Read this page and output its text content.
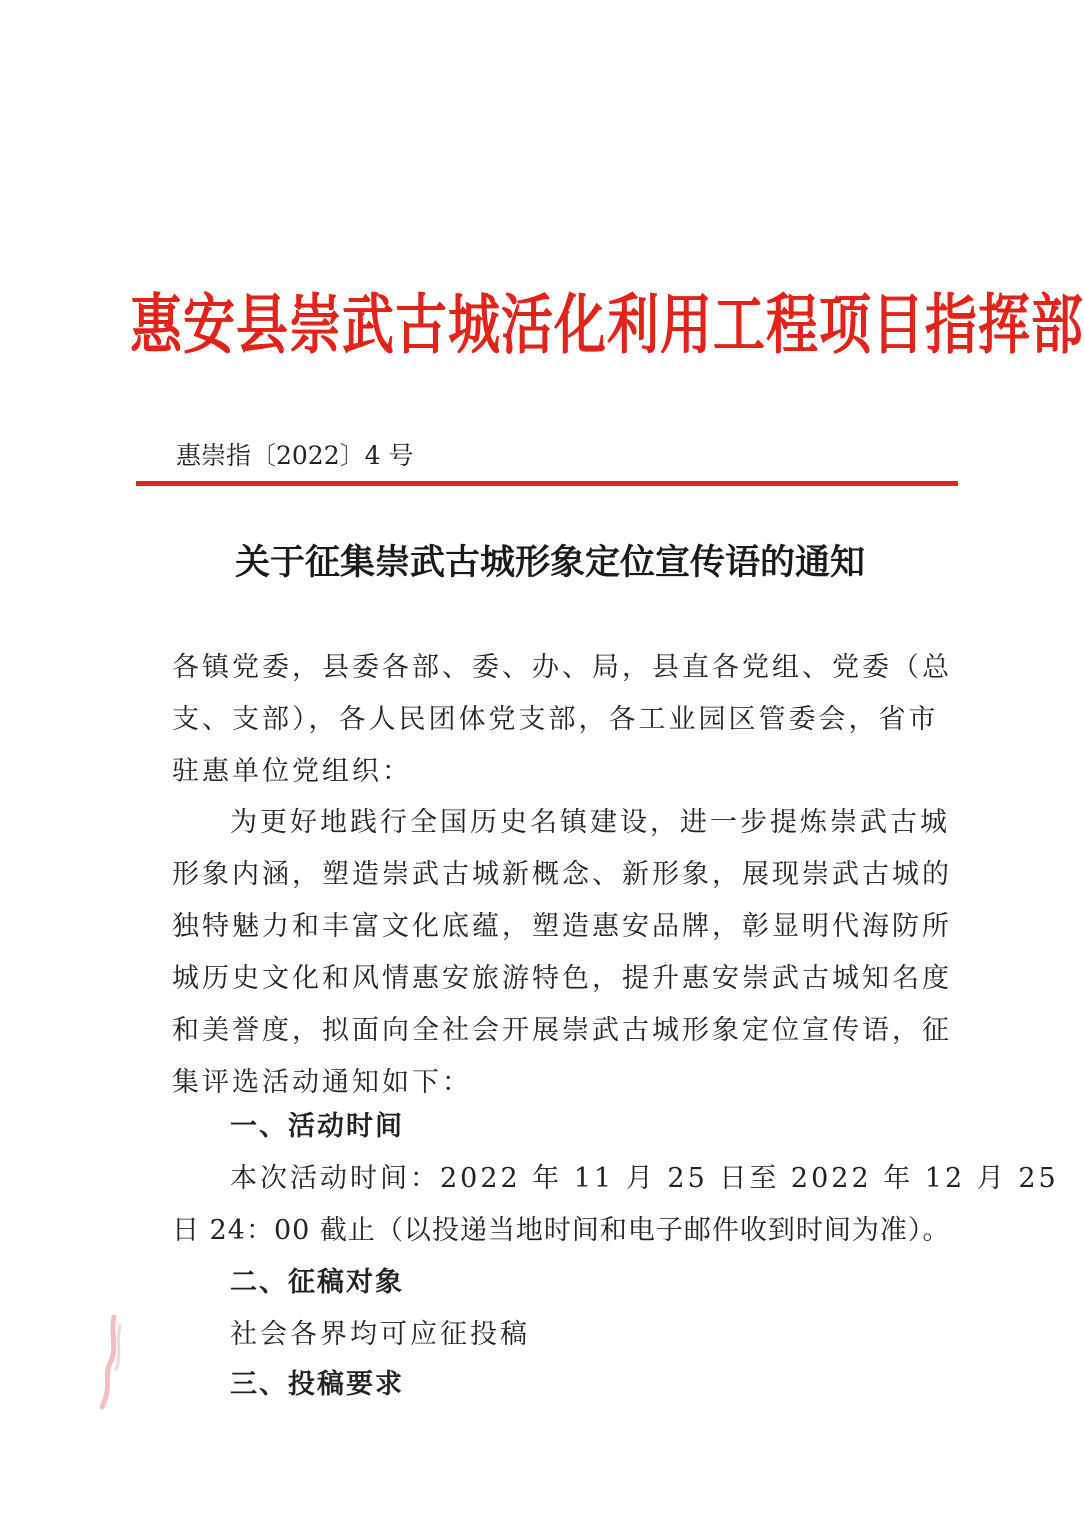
惠安县崇武古城活化利用工程项目指挥部
惠崇指〔2022〕4 号
关于征集崇武古城形象定位宣传语的通知
各镇党委，县委各部、委、办、局，县直各党组、党委（总
支、支部），各人民团体党支部，各工业园区管委会，省市
驻惠单位党组织：
为更好地践行全国历史名镇建设，进一步提炼崇武古城
形象内涵，塑造崇武古城新概念、新形象，展现崇武古城的
独特魅力和丰富文化底蕴，塑造惠安品牌，彰显明代海防所
城历史文化和风情惠安旅游特色，提升惠安崇武古城知名度
和美誉度，拟面向全社会开展崇武古城形象定位宣传语，征
集评选活动通知如下：
一、活动时间
本次活动时间：2022 年 11 月 25 日至 2022 年 12 月 25
日 24：00 截止（以投递当地时间和电子邮件收到时间为准）。
二、征稿对象
社会各界均可应征投稿
三、投稿要求
